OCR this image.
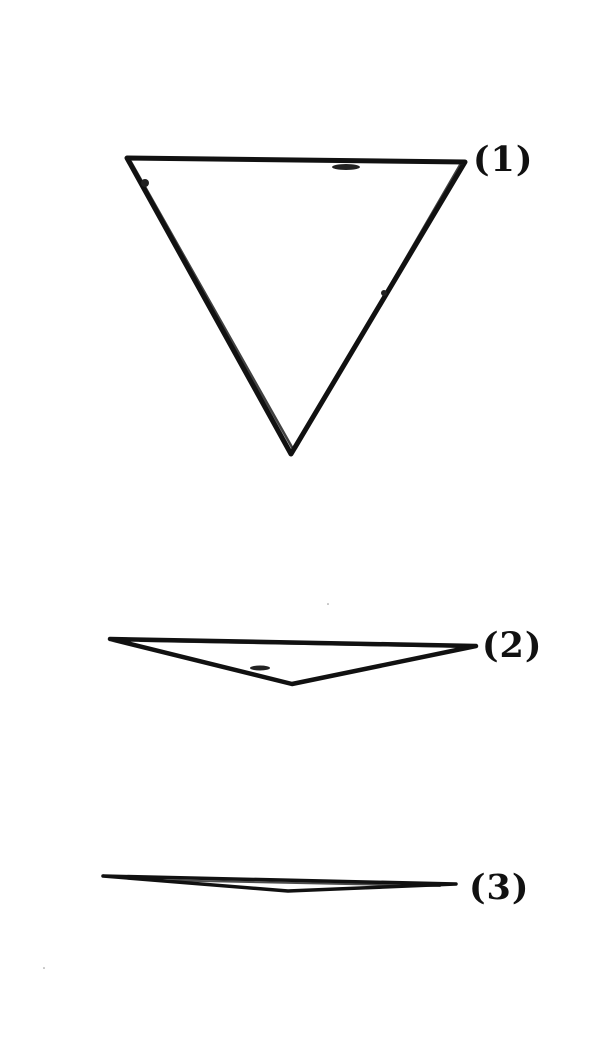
(1)
(2)
(3)
